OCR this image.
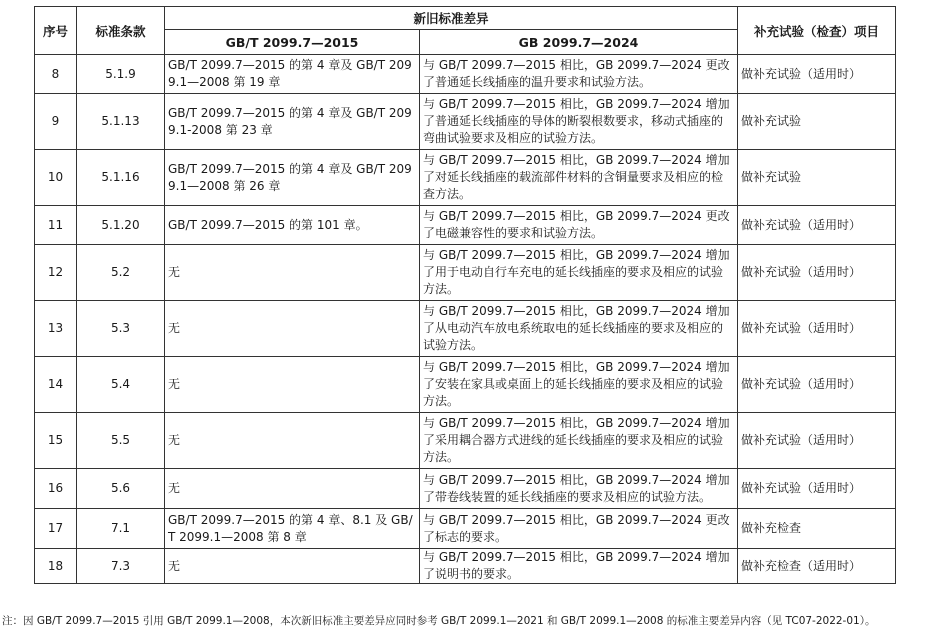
序号	标准条款	新旧标准差异		补充试验（检查）项目
		GB/T 2099.7—2015	GB 2099.7—2024	
8	5.1.9	GB/T 2099.7—2015 的第 4 章及 GB/T 2099.1—2008 第 19 章	与 GB/T 2099.7—2015 相比，GB 2099.7—2024 更改了普通延长线插座的温升要求和试验方法。	做补充试验（适用时）
9	5.1.13	GB/T 2099.7—2015 的第 4 章及 GB/T 2099.1-2008 第 23 章	与 GB/T 2099.7—2015 相比，GB 2099.7—2024 增加了普通延长线插座的导体的断裂根数要求，移动式插座的弯曲试验要求及相应的试验方法。	做补充试验
10	5.1.16	GB/T 2099.7—2015 的第 4 章及 GB/T 2099.1—2008 第 26 章	与 GB/T 2099.7—2015 相比，GB 2099.7—2024 增加了对延长线插座的载流部件材料的含铜量要求及相应的检查方法。	做补充试验
11	5.1.20	GB/T 2099.7—2015 的第 101 章。	与 GB/T 2099.7—2015 相比，GB 2099.7—2024 更改了电磁兼容性的要求和试验方法。	做补充试验（适用时）
12	5.2	无	与 GB/T 2099.7—2015 相比，GB 2099.7—2024 增加了用于电动自行车充电的延长线插座的要求及相应的试验方法。	做补充试验（适用时）
13	5.3	无	与 GB/T 2099.7—2015 相比，GB 2099.7—2024 增加了从电动汽车放电系统取电的延长线插座的要求及相应的试验方法。	做补充试验（适用时）
14	5.4	无	与 GB/T 2099.7—2015 相比，GB 2099.7—2024 增加了安装在家具或桌面上的延长线插座的要求及相应的试验方法。	做补充试验（适用时）
15	5.5	无	与 GB/T 2099.7—2015 相比，GB 2099.7—2024 增加了采用耦合器方式进线的延长线插座的要求及相应的试验方法。	做补充试验（适用时）
16	5.6	无	与 GB/T 2099.7—2015 相比，GB 2099.7—2024 增加了带卷线装置的延长线插座的要求及相应的试验方法。	做补充试验（适用时）
17	7.1	GB/T 2099.7—2015 的第 4 章、8.1 及 GB/T 2099.1—2008 第 8 章	与 GB/T 2099.7—2015 相比，GB 2099.7—2024 更改了标志的要求。	做补充检查
18	7.3	无	与 GB/T 2099.7—2015 相比，GB 2099.7—2024 增加了说明书的要求。	做补充检查（适用时）
注：因 GB/T 2099.7—2015 引用 GB/T 2099.1—2008，本次新旧标准主要差异应同时参考 GB/T 2099.1—2021 和 GB/T 2099.1—2008 的标准主要差异内容（见 TC07-2022-01）。
